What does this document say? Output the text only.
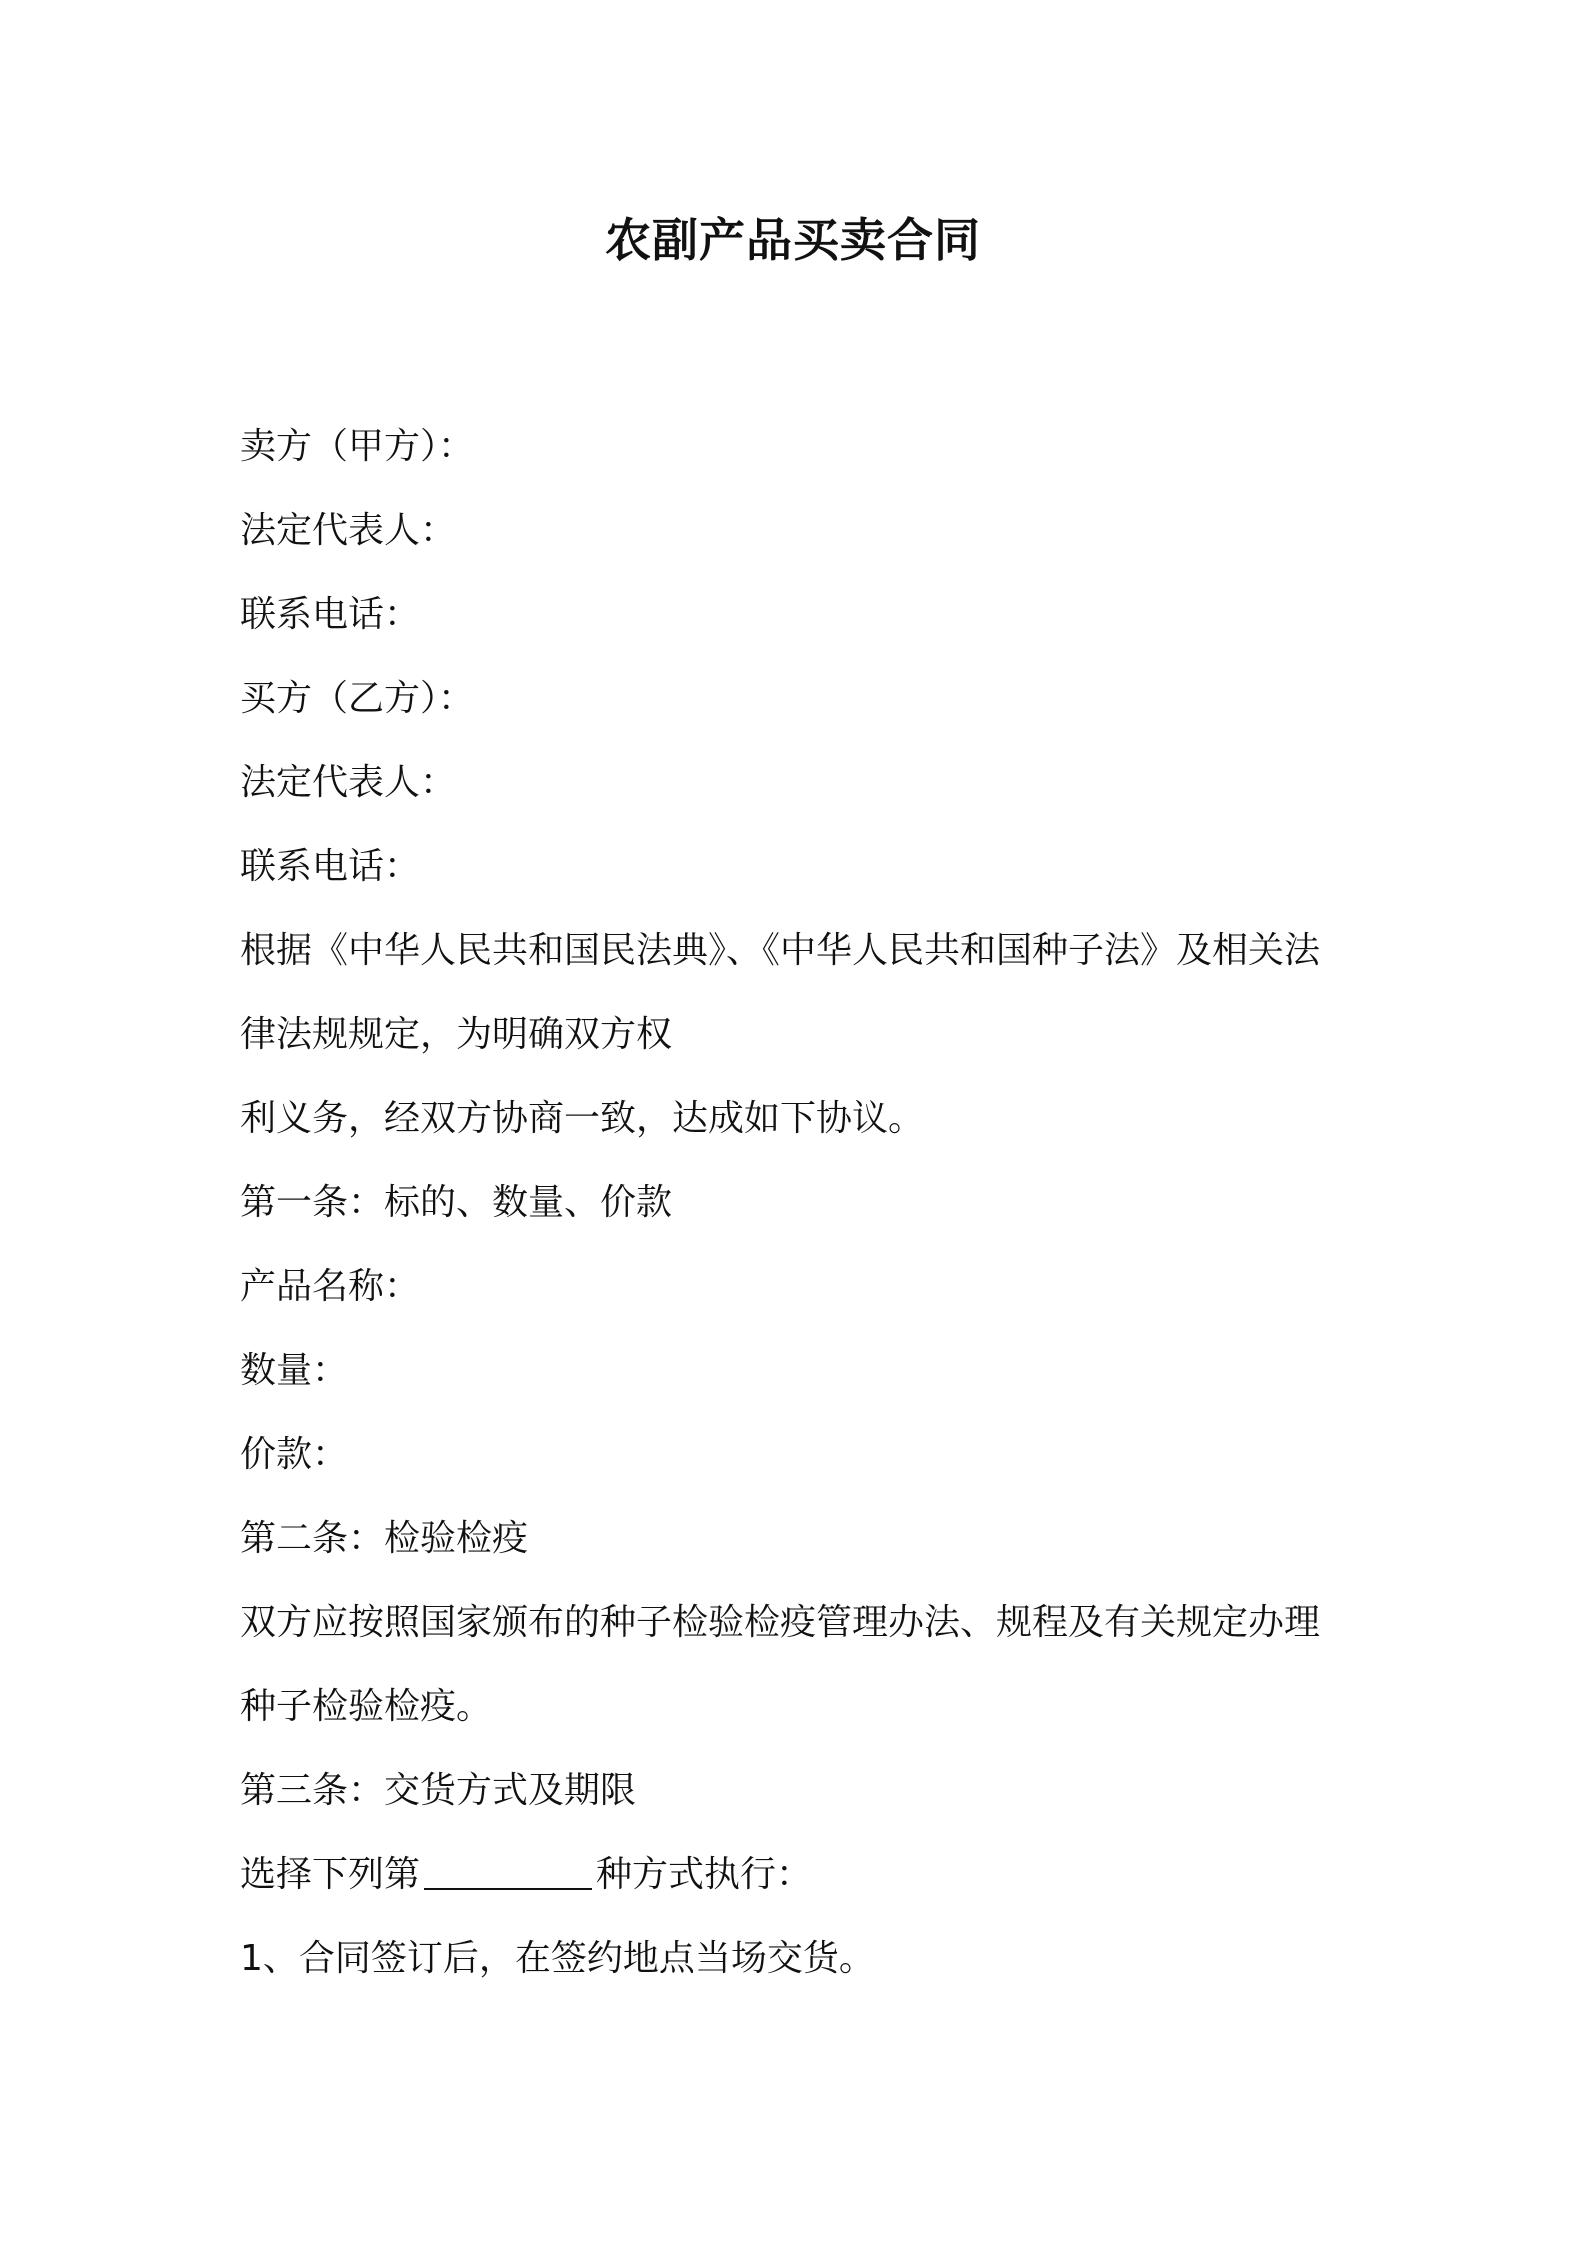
农副产品买卖合同
卖方（甲方）：
法定代表人：
联系电话：
买方（乙方）：
法定代表人：
联系电话：
根据《中华人民共和国民法典》、《中华人民共和国种子法》及相关法
律法规规定，为明确双方权
利义务，经双方协商一致，达成如下协议。
第一条：标的、数量、价款
产品名称：
数量：
价款：
第二条：检验检疫
双方应按照国家颁布的种子检验检疫管理办法、规程及有关规定办理
种子检验检疫。
第三条：交货方式及期限
选择下列第	种方式执行：
1、合同签订后，在签约地点当场交货。
